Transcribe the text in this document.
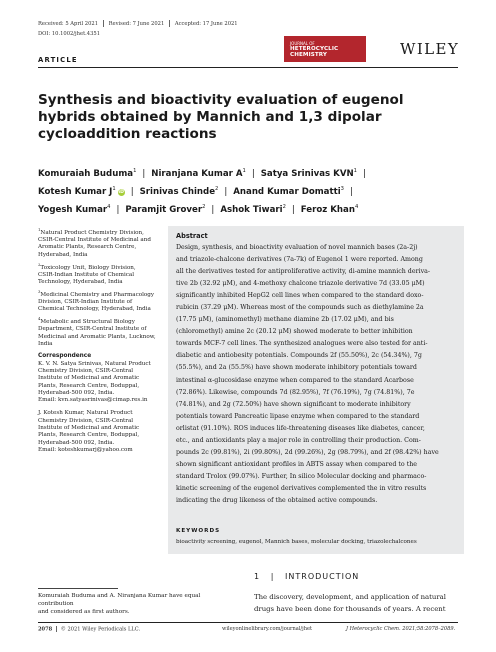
Received: 5 April 2021 Revised: 7 June 2021 Accepted: 17 June 2021
DOI: 10.1002/jhet.4351
JOURNAL OF
HETEROCYCLIC
CHEMISTRY	WILEY
ARTICLE
Synthesis and bioactivity evaluation of eugenol
hybrids obtained by Mannich and 1,3 dipolar
cycloaddition reactions
Komuraiah Buduma$^1$ | Niranjana Kumar $A^1$ | Satya Srinivas KVN$^1$ |
Kotesh Kumar $J^1iD$ | Srinivas Chinde$^2$ | Anand Kumar Domatti$^3$ |
Yogesh Kumar$^4$ | Paramjit Grover$^2$ | Ashok Tiwari$^2$ | Feroz Khan$^4$
$^1$Natural Product Chemistry Division,
CSIR-Central Institute of Medicinal and
Aromatic Plants, Research Centre,
Hyderabad, India
$^2$Toxicology Unit, Biology Division,
CSIR-Indian Institute of Chemical
Technology, Hyderabad, India
$^3$Medicinal Chemistry and Pharmacology
Division, CSIR-Indian Institute of
Chemical Technology, Hyderabad, India
$^4$Metabolic and Structural Biology
Department, CSIR-Central Institute of
Medicinal and Aromatic Plants, Lucknow,
India
Correspondence
K. V. N. Satya Srinivas, Natural Product
Chemistry Division, CSIR-Central
Institute of Medicinal and Aromatic
Plants, Research Centre, Boduppal,
Hyderabad-500 092, India.
Email: kvn.satyasrinivas@cimap.res.in
J. Kotesh Kumar, Natural Product
Chemistry Division, CSIR-Central
Institute of Medicinal and Aromatic
Plants, Research Centre, Boduppal,
Hyderabad-500 092, India.
Email: koteshkumarj@yahoo.com
Abstract
Design, synthesis, and bioactivity evaluation of novel mannich bases (2a-2j)
and triazole-chalcone derivatives (7a-7k) of Eugenol 1 were reported. Among
all the derivatives tested for antiproliferative activity, di-amine mannich deriva-
tive 2b (32.92 μM), and 4-methoxy chalcone triazole derivative 7d (33.05 μM)
significantly inhibited HepG2 cell lines when compared to the standard doxo-
rubicin (37.29 μM). Whereas most of the compounds such as diethylamine 2a
(17.75 μM), (aminomethyl) methane diamine 2b (17.02 μM), and bis
(chloromethyl) amine 2c (20.12 μM) showed moderate to better inhibition
towards MCF-7 cell lines. The synthesized analogues were also tested for anti-
diabetic and antiobesity potentials. Compounds 2f (55.50%), 2c (54.34%), 7g
(55.5%), and 2a (55.5%) have shown moderate inhibitory potentials toward
intestinal α-glucosidase enzyme when compared to the standard Acarbose
(72.86%). Likewise, compounds 7d (82.95%), 7f (76.19%), 7g (74.81%), 7e
(74.81%), and 2g (72.50%) have shown significant to moderate inhibitory
potentials toward Pancreatic lipase enzyme when compared to the standard
orlistat (91.10%). ROS induces life-threatening diseases like diabetes, cancer,
etc., and antioxidants play a major role in controlling their production. Com-
pounds 2c (99.81%), 2i (99.80%), 2d (99.26%), 2g (98.79%), and 2f (98.42%) have
shown significant antioxidant profiles in ABTS assay when compared to the
standard Trolox (99.07%). Further, In silico Molecular docking and pharmaco-
kinetic screening of the eugenol derivatives complemented the in vitro results
indicating the drug likeness of the obtained active compounds.
KEYWORDS
bioactivity screening, eugenol, Mannich bases, molecular docking, triazolechalcones
1   |   INTRODUCTION
The discovery, development, and application of natural
drugs have been done for thousands of years. A recent
Komuraiah Buduma and A. Niranjana Kumar have equal contribution
and considered as first authors.
2078 © 2021 Wiley Periodicals LLC.	wileyonlinelibrary.com/journal/jhet	J Heterocyclic Chem. 2021;58:2078–2089.
